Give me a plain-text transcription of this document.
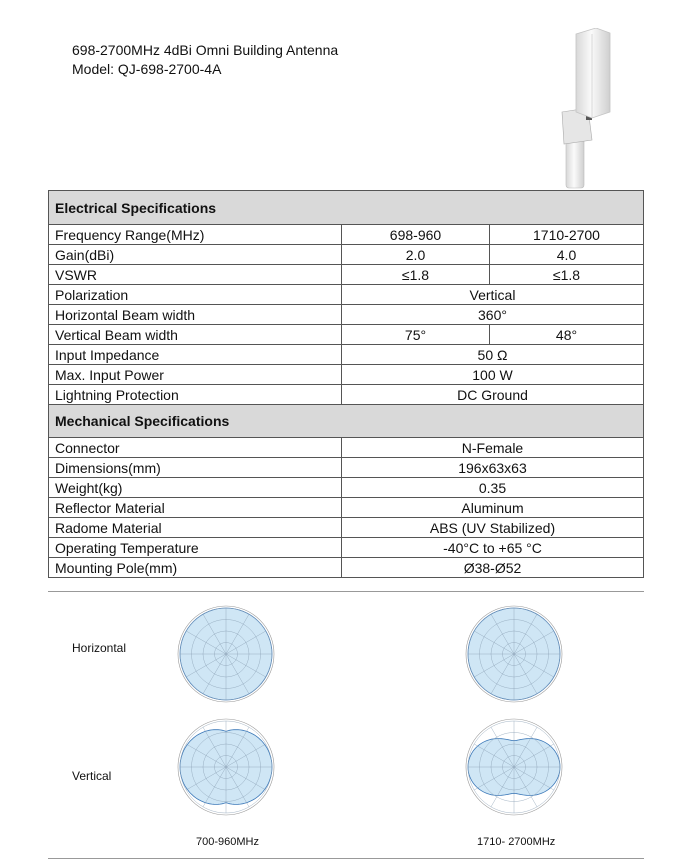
698-2700MHz 4dBi Omni Building Antenna
Model: QJ-698-2700-4A
Electrical Specifications		
Frequency Range(MHz)	698-960	1710-2700
Gain(dBi)	2.0	4.0
VSWR	≤1.8	≤1.8
Polarization	Vertical	
Horizontal Beam width	360°	
Vertical Beam width	75°	48°
Input Impedance	50 Ω	
Max. Input Power	100 W	
Lightning Protection	DC Ground	
Mechanical Specifications		
Connector	N-Female	
Dimensions(mm)	196x63x63	
Weight(kg)	0.35	
Reflector Material	Aluminum	
Radome Material	ABS (UV Stabilized)	
Operating Temperature	-40°C to +65 °C	
Mounting Pole(mm)	Ø38-Ø52	
Horizontal
Vertical
700-960MHz	1710- 2700MHz
